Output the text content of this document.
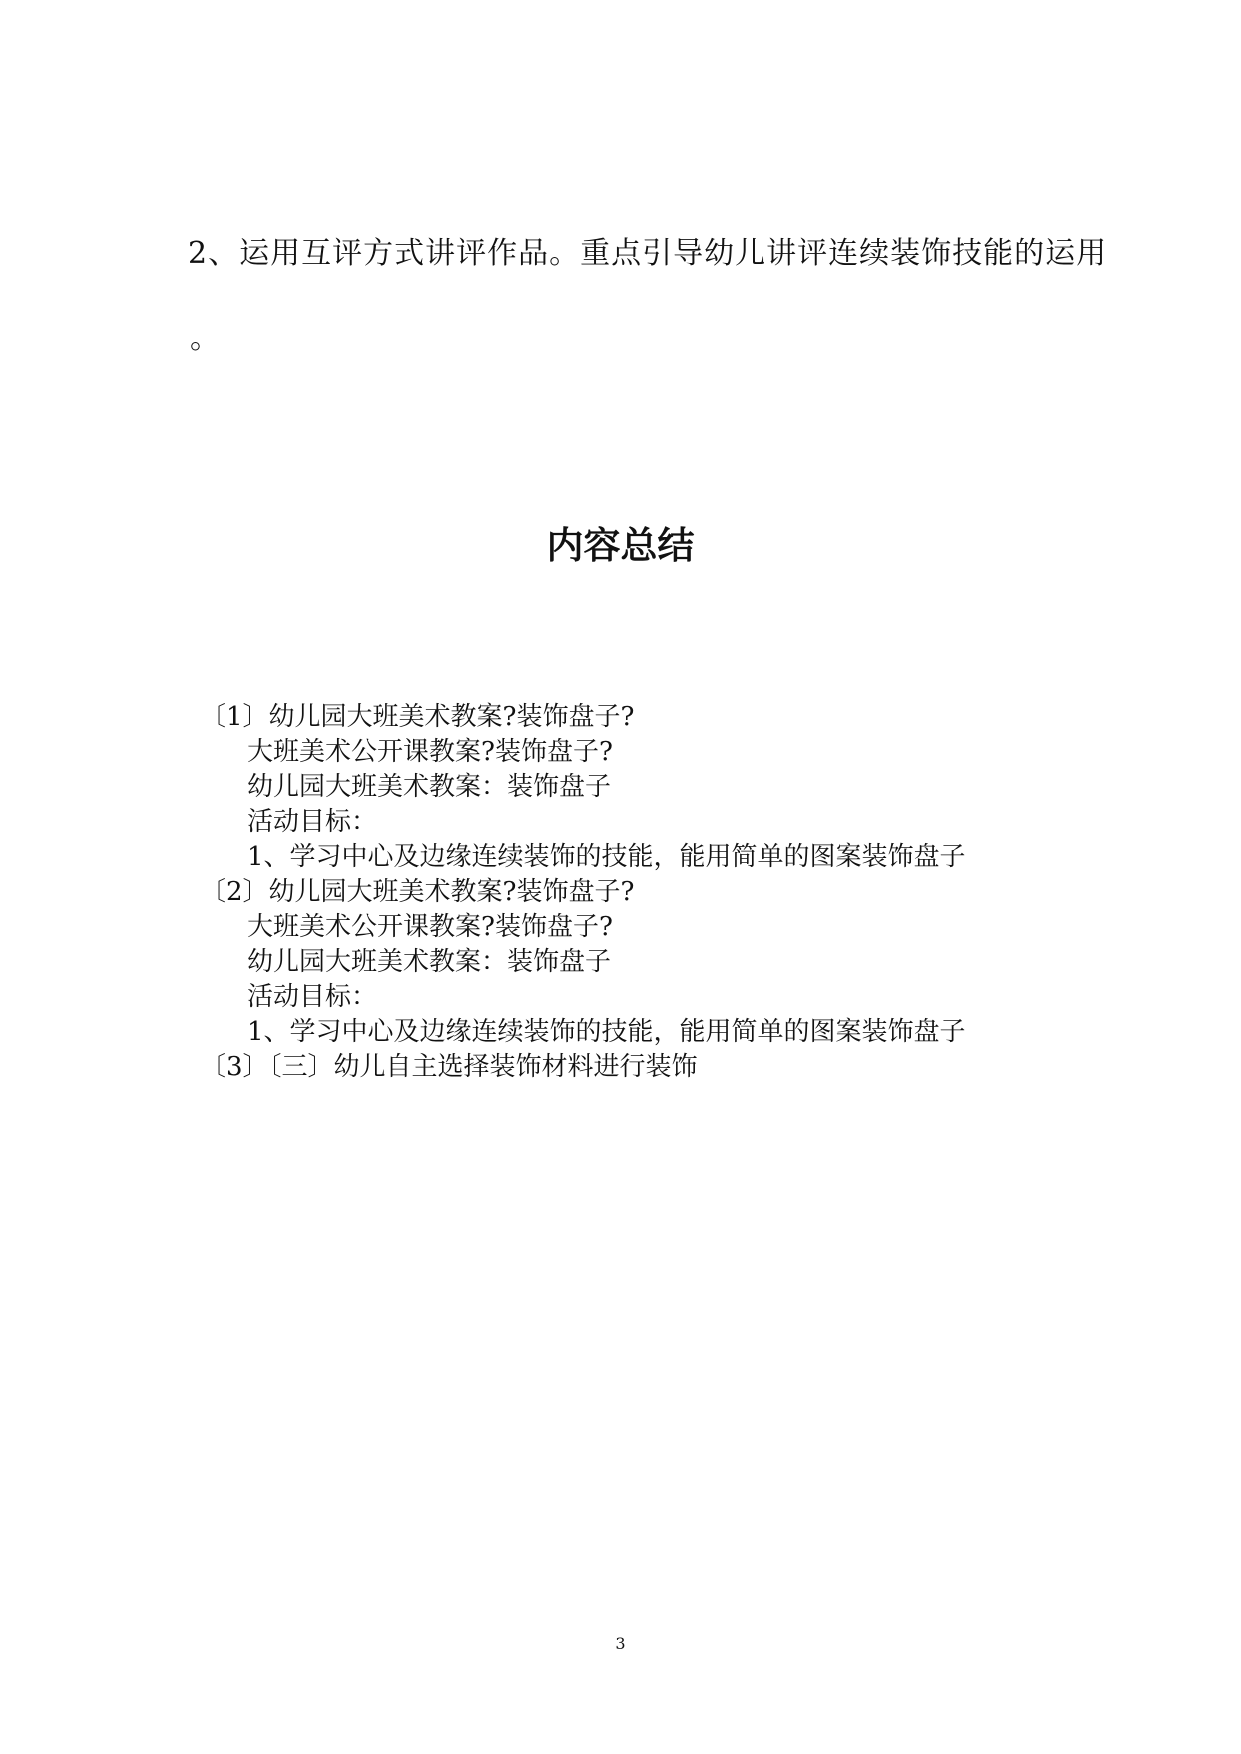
2、运用互评方式讲评作品。重点引导幼儿讲评连续装饰技能的运用
。
内容总结
〔1〕幼儿园大班美术教案?装饰盘子?
大班美术公开课教案?装饰盘子?
幼儿园大班美术教案：装饰盘子
活动目标：
1、学习中心及边缘连续装饰的技能，能用简单的图案装饰盘子
〔2〕幼儿园大班美术教案?装饰盘子?
大班美术公开课教案?装饰盘子?
幼儿园大班美术教案：装饰盘子
活动目标：
1、学习中心及边缘连续装饰的技能，能用简单的图案装饰盘子
〔3〕〔三〕幼儿自主选择装饰材料进行装饰
3
